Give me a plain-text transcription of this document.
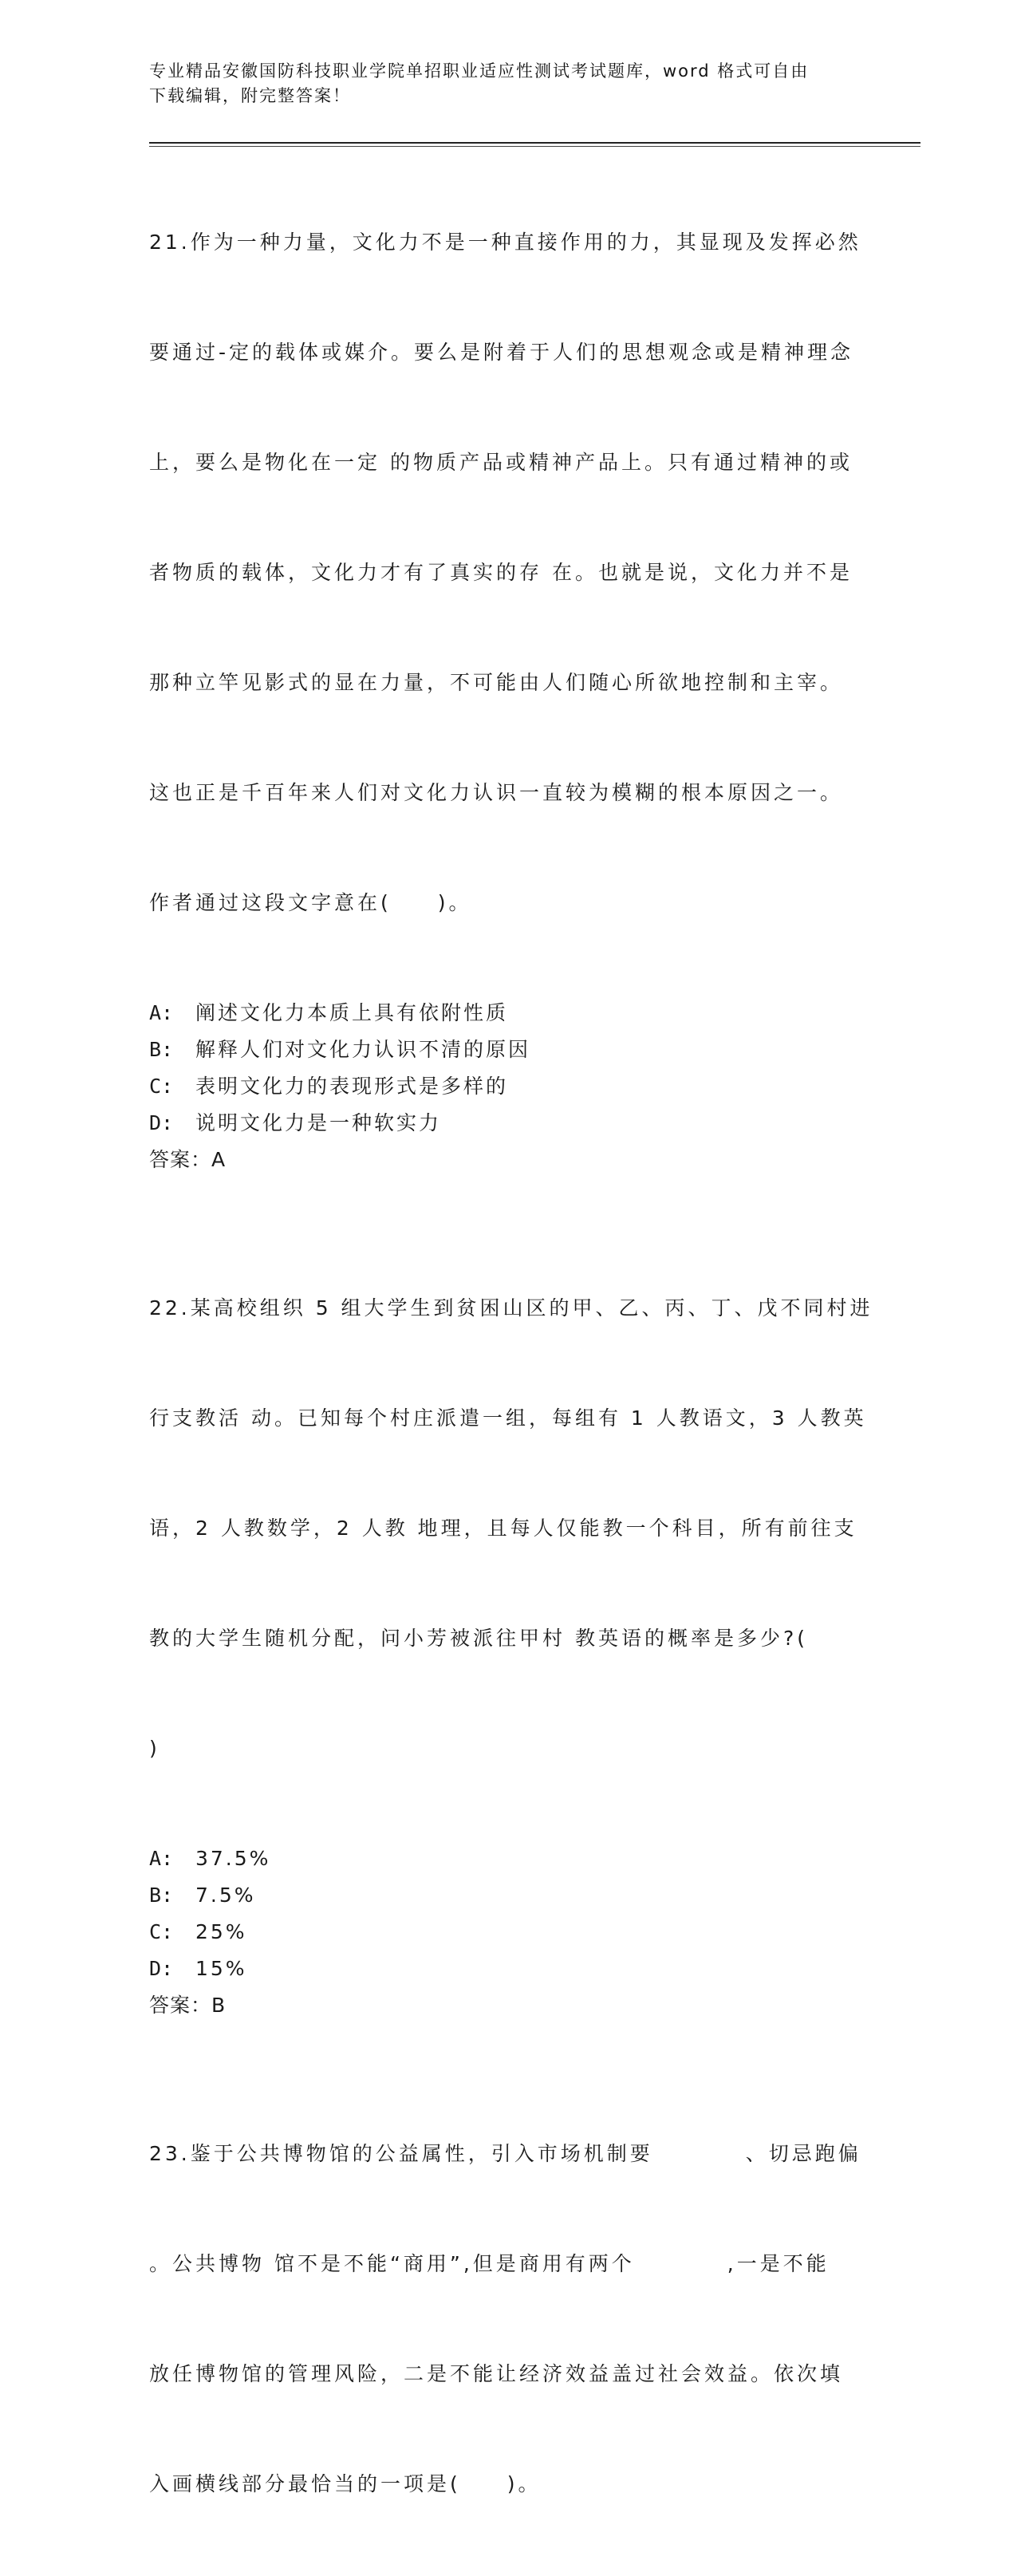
专业精品安徽国防科技职业学院单招职业适应性测试考试题库，word 格式可自由
下载编辑，附完整答案！

21.作为一种力量，文化力不是一种直接作用的力，其显现及发挥必然

要通过-定的载体或媒介。要么是附着于人们的思想观念或是精神理念

上，要么是物化在一定 的物质产品或精神产品上。只有通过精神的或

者物质的载体，文化力才有了真实的存 在。也就是说，文化力并不是

那种立竿见影式的显在力量，不可能由人们随心所欲地控制和主宰。

这也正是千百年来人们对文化力认识一直较为模糊的根本原因之一。

作者通过这段文字意在(　　)。

A: 阐述文化力本质上具有依附性质
B: 解释人们对文化力认识不清的原因
C: 表明文化力的表现形式是多样的
D: 说明文化力是一种软实力
答案：A

22.某高校组织 5 组大学生到贫困山区的甲、乙、丙、丁、戊不同村进

行支教活 动。已知每个村庄派遣一组，每组有 1 人教语文，3 人教英

语，2 人教数学，2 人教 地理，且每人仅能教一个科目，所有前往支

教的大学生随机分配，问小芳被派往甲村 教英语的概率是多少?(

)

A: 37.5%
B: 7.5%
C: 25%
D: 15%
答案：B

23.鉴于公共博物馆的公益属性，引入市场机制要　　　　、切忌跑偏

。公共博物 馆不是不能“商用”,但是商用有两个　　　　,一是不能

放任博物馆的管理风险，二是不能让经济效益盖过社会效益。依次填

入画横线部分最恰当的一项是(　　)。
